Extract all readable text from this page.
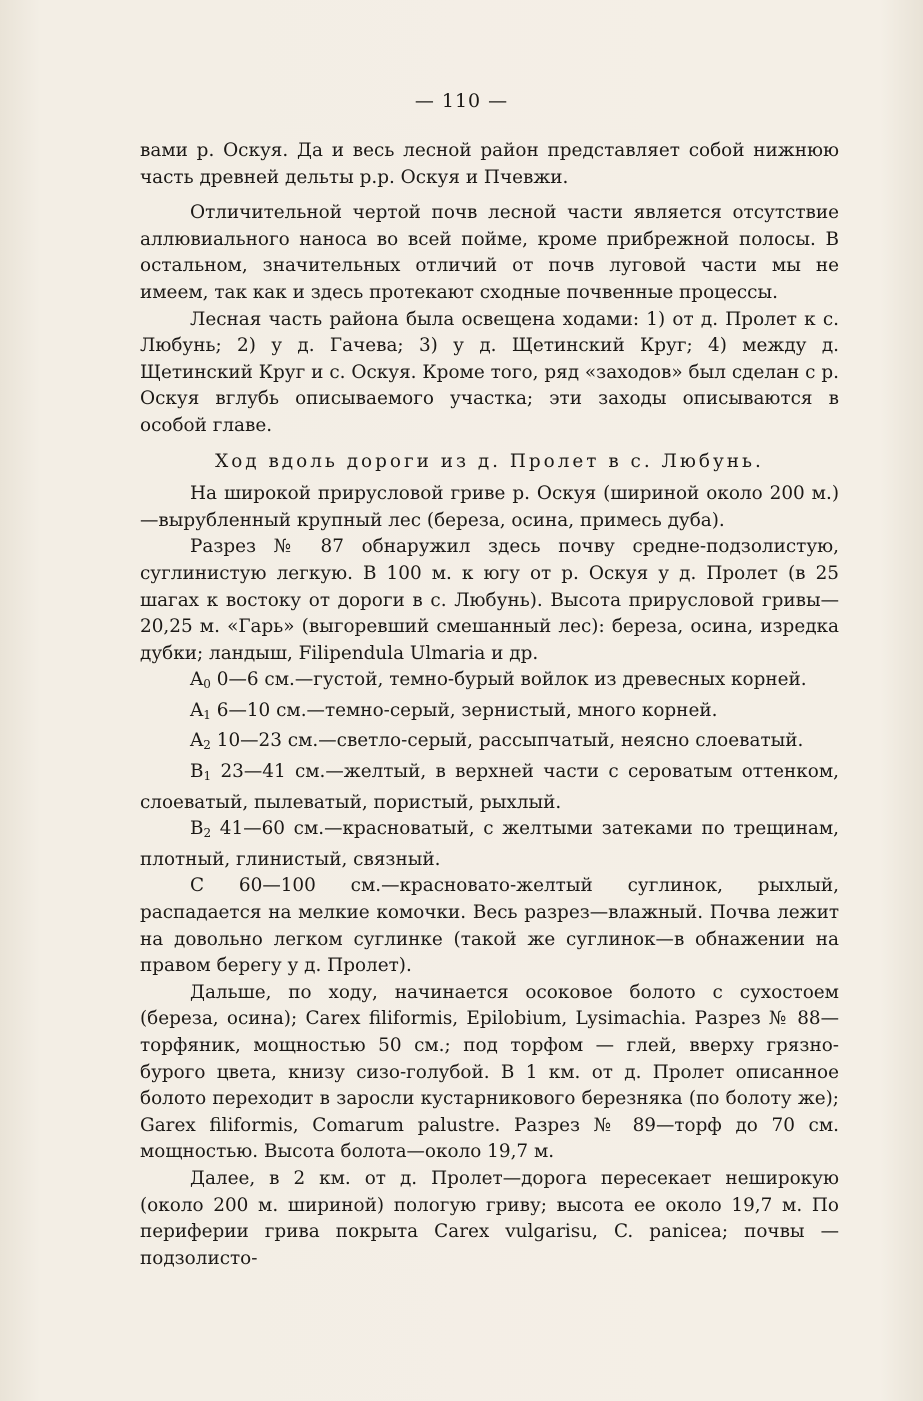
— 110 —

вами р. Оскуя. Да и весь лесной район представляет собой нижнюю часть древней дельты р.р. Оскуя и Пчевжи.

Отличительной чертой почв лесной части является отсутствие аллювиального наноса во всей пойме, кроме прибрежной полосы. В остальном, значительных отличий от почв луговой части мы не имеем, так как и здесь протекают сходные почвенные процессы.

Лесная часть района была освещена ходами: 1) от д. Пролет к с. Любунь; 2) у д. Гачева; 3) у д. Щетинский Круг; 4) между д. Щетинский Круг и с. Оскуя. Кроме того, ряд «заходов» был сделан с р. Оскуя вглубь описываемого участка; эти заходы описываются в особой главе.

Ход вдоль дороги из д. Пролет в с. Любунь.

На широкой прирусловой гриве р. Оскуя (шириной около 200 м.)—вырубленный крупный лес (береза, осина, примесь дуба).

Разрез № 87 обнаружил здесь почву средне-подзолистую, суглинистую легкую. В 100 м. к югу от р. Оскуя у д. Пролет (в 25 шагах к востоку от дороги в с. Любунь). Высота прирусловой гривы—20,25 м. «Гарь» (выгоревший смешанный лес): береза, осина, изредка дубки; ландыш, Filipendula Ulmaria и др.

$A_0$ 0—6 см.—густой, темно-бурый войлок из древесных корней.

$A_1$ 6—10 см.—темно-серый, зернистый, много корней.

$A_2$ 10—23 см.—светло-серый, рассыпчатый, неясно слоеватый.

$B_1$ 23—41 см.—желтый, в верхней части с сероватым оттенком, слоеватый, пылеватый, пористый, рыхлый.

$B_2$ 41—60 см.—красноватый, с желтыми затеками по трещинам, плотный, глинистый, связный.

С 60—100 см.—красновато-желтый суглинок, рыхлый, распадается на мелкие комочки. Весь разрез—влажный. Почва лежит на довольно легком суглинке (такой же суглинок—в обнажении на правом берегу у д. Пролет).

Дальше, по ходу, начинается осоковое болото с сухостоем (береза, осина); Carex filiformis, Epilobium, Lysimachia. Разрез № 88—торфяник, мощностью 50 см.; под торфом — глей, вверху грязно-бурого цвета, книзу сизо-голубой. В 1 км. от д. Пролет описанное болото переходит в заросли кустарникового березняка (по болоту же); Garex filiformis, Comarum palustre. Разрез № 89—торф до 70 см. мощностью. Высота болота—около 19,7 м.

Далее, в 2 км. от д. Пролет—дорога пересекает неширокую (около 200 м. шириной) пологую гриву; высота ее около 19,7 м. По периферии грива покрыта Carex vulgarisu, C. panicea; почвы — подзолисто-
